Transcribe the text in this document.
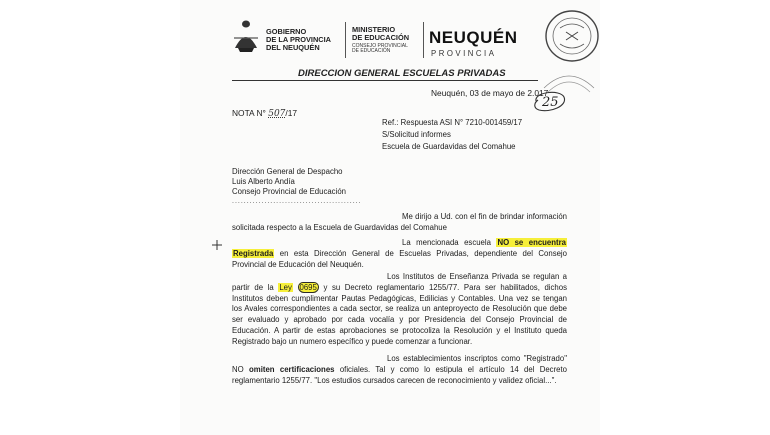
GOBIERNO
DE LA PROVINCIA
DEL NEUQUÉN
MINISTERIO
DE EDUCACIÓN
CONSEJO PROVINCIAL
DE EDUCACIÓN
NEUQUÉN
PROVINCIA
DIRECCION GENERAL ESCUELAS PRIVADAS
Neuquén, 03 de mayo de 2.017
25
NOTA N° 507/17
Ref.: Respuesta ASI N° 7210-001459/17
S/Solicitud informes
Escuela de Guardavidas del Comahue
Dirección General de Despacho
Luis Alberto Andía
Consejo Provincial de Educación
............................................
Me dirijo a Ud. con el fin de brindar información solicitada respecto a la Escuela de Guardavidas del Comahue
La mencionada escuela NO se encuentra Registrada en esta Dirección General de Escuelas Privadas, dependiente del Consejo Provincial de Educación del Neuquén.
Los Institutos de Enseñanza Privada se regulan a partir de la Ley 0695 y su Decreto reglamentario 1255/77. Para ser habilitados, dichos Institutos deben cumplimentar Pautas Pedagógicas, Edilicias y Contables. Una vez se tengan los Avales correspondientes a cada sector, se realiza un anteproyecto de Resolución que debe ser evaluado y aprobado por cada vocalía y por Presidencia del Consejo Provincial de Educación. A partir de estas aprobaciones se protocoliza la Resolución y el Instituto queda Registrado bajo un numero específico y puede comenzar a funcionar.
Los establecimientos inscriptos como "Registrado" NO omiten certificaciones oficiales. Tal y como lo estipula el artículo 14 del Decreto reglamentario 1255/77. "Los estudios cursados carecen de reconocimiento y validez oficial...".
